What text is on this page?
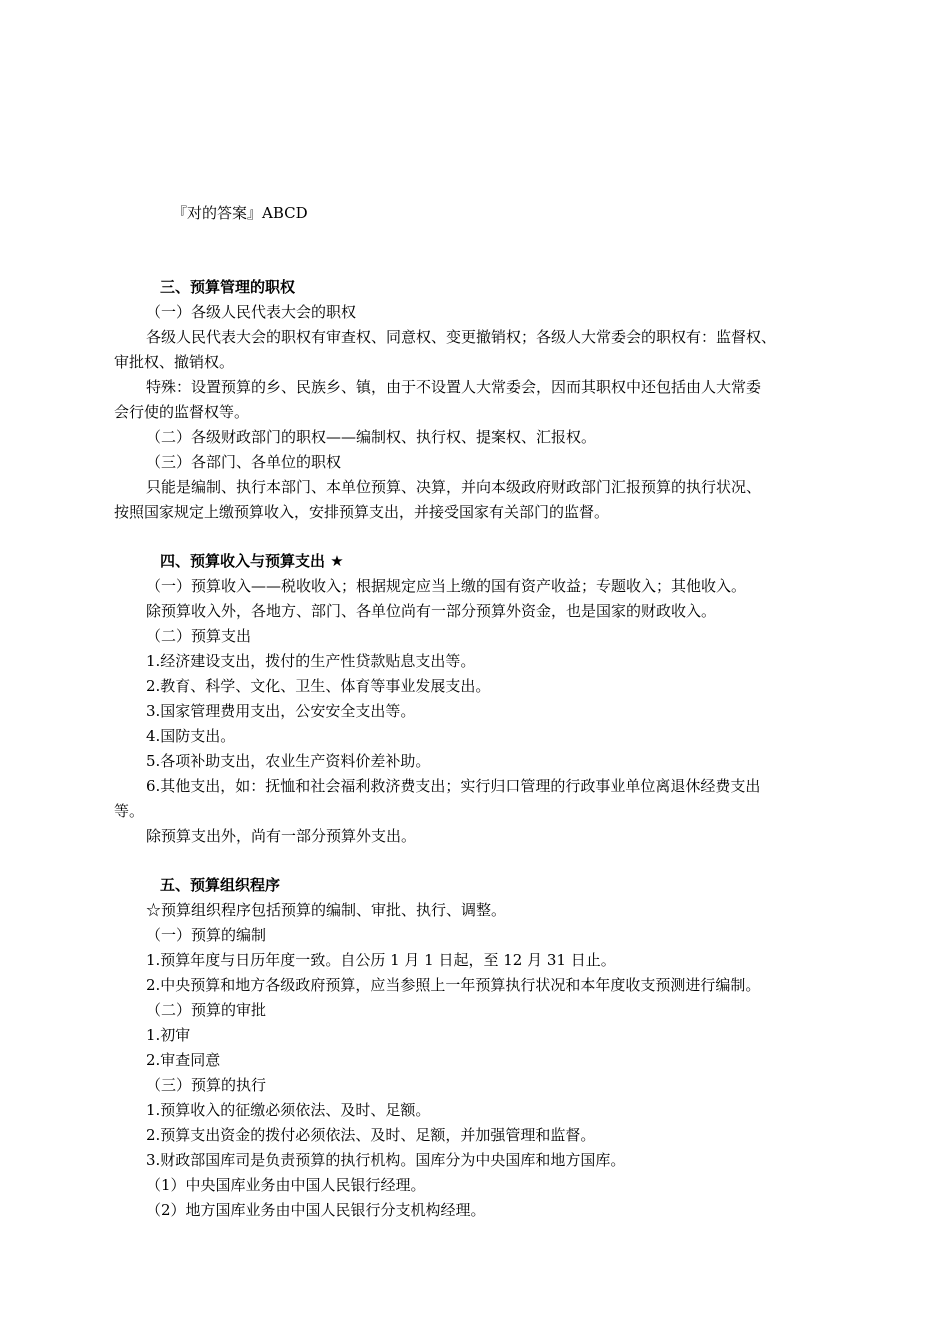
『对的答案』ABCD
三、预算管理的职权
（一）各级人民代表大会的职权
各级人民代表大会的职权有审查权、同意权、变更撤销权；各级人大常委会的职权有：监督权、
审批权、撤销权。
特殊：设置预算的乡、民族乡、镇，由于不设置人大常委会，因而其职权中还包括由人大常委
会行使的监督权等。
（二）各级财政部门的职权——编制权、执行权、提案权、汇报权。
（三）各部门、各单位的职权
只能是编制、执行本部门、本单位预算、决算，并向本级政府财政部门汇报预算的执行状况、
按照国家规定上缴预算收入，安排预算支出，并接受国家有关部门的监督。
四、预算收入与预算支出 ★
（一）预算收入——税收收入；根据规定应当上缴的国有资产收益；专题收入；其他收入。
除预算收入外，各地方、部门、各单位尚有一部分预算外资金，也是国家的财政收入。
（二）预算支出
1.经济建设支出，拨付的生产性贷款贴息支出等。
2.教育、科学、文化、卫生、体育等事业发展支出。
3.国家管理费用支出，公安安全支出等。
4.国防支出。
5.各项补助支出，农业生产资料价差补助。
6.其他支出，如：抚恤和社会福利救济费支出；实行归口管理的行政事业单位离退休经费支出
等。
除预算支出外，尚有一部分预算外支出。
五、预算组织程序
☆预算组织程序包括预算的编制、审批、执行、调整。
（一）预算的编制
1.预算年度与日历年度一致。自公历 1 月 1 日起，至 12 月 31 日止。
2.中央预算和地方各级政府预算，应当参照上一年预算执行状况和本年度收支预测进行编制。
（二）预算的审批
1.初审
2.审查同意
（三）预算的执行
1.预算收入的征缴必须依法、及时、足额。
2.预算支出资金的拨付必须依法、及时、足额，并加强管理和监督。
3.财政部国库司是负责预算的执行机构。国库分为中央国库和地方国库。
（1）中央国库业务由中国人民银行经理。
（2）地方国库业务由中国人民银行分支机构经理。
